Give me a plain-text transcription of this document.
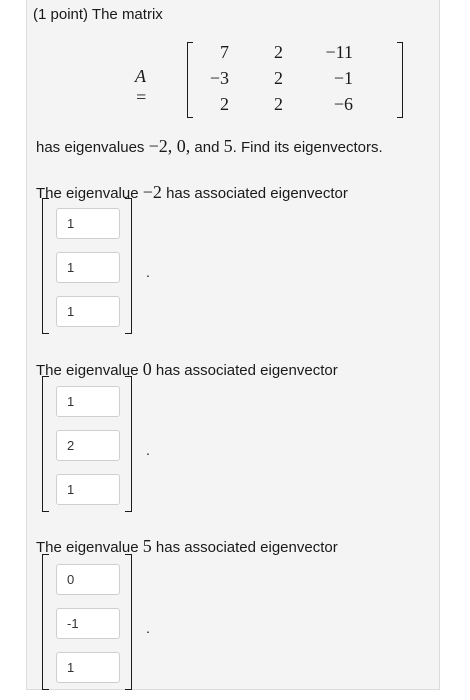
(1 point) The matrix
A =
7	2	−11
−3	2	−1
2	2	−6
has eigenvalues −2, 0, and 5. Find its eigenvectors.
The eigenvalue −2 has associated eigenvector
1
1
1
.
The eigenvalue 0 has associated eigenvector
1
2
1
.
The eigenvalue 5 has associated eigenvector
0
-1
1
.
